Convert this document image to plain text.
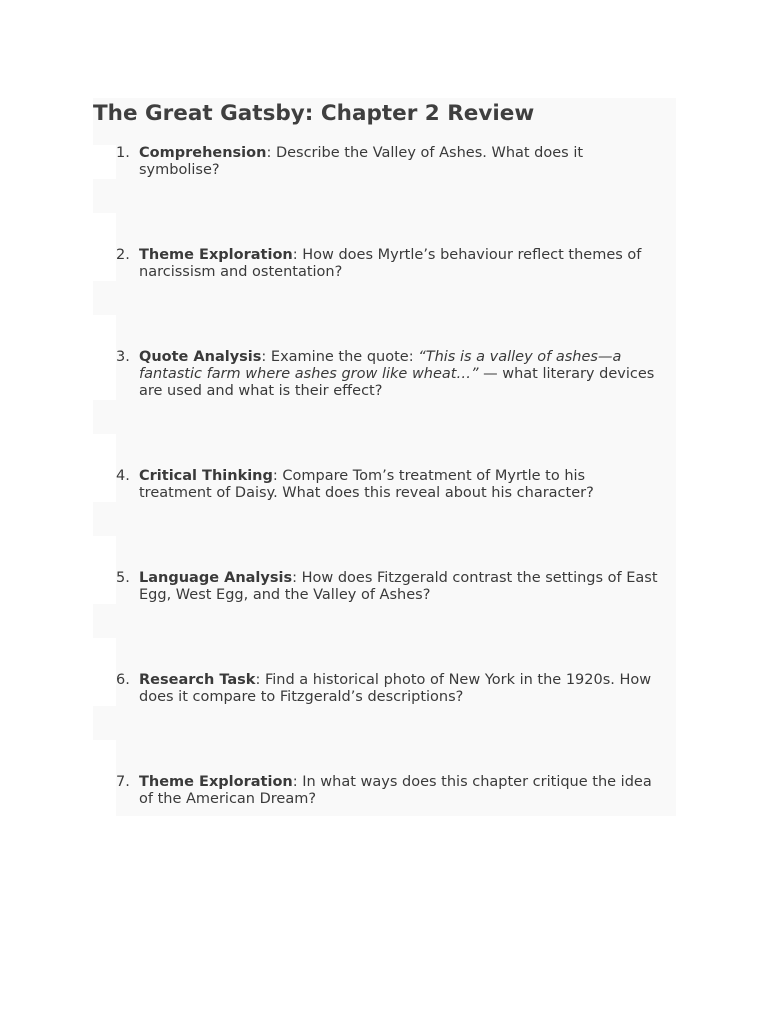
The Great Gatsby: Chapter 2 Review
1. Comprehension: Describe the Valley of Ashes. What does it symbolise?
2. Theme Exploration: How does Myrtle’s behaviour reflect themes of narcissism and ostentation?
3. Quote Analysis: Examine the quote: “This is a valley of ashes—a fantastic farm where ashes grow like wheat…” — what literary devices are used and what is their effect?
4. Critical Thinking: Compare Tom’s treatment of Myrtle to his treatment of Daisy. What does this reveal about his character?
5. Language Analysis: How does Fitzgerald contrast the settings of East Egg, West Egg, and the Valley of Ashes?
6. Research Task: Find a historical photo of New York in the 1920s. How does it compare to Fitzgerald’s descriptions?
7. Theme Exploration: In what ways does this chapter critique the idea of the American Dream?
